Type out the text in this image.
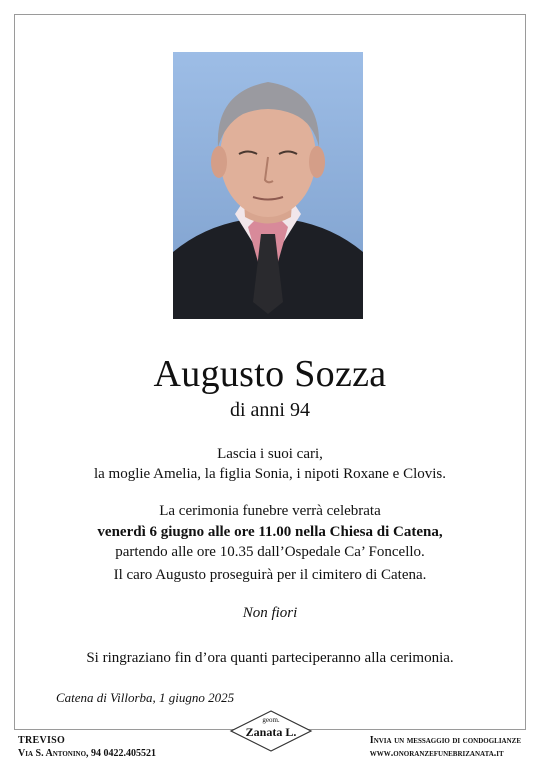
Augusto Sozza
di anni 94
Lascia i suoi cari,
la moglie Amelia, la figlia Sonia, i nipoti Roxane e Clovis.
La cerimonia funebre verrà celebrata
venerdì 6 giugno alle ore 11.00 nella Chiesa di Catena,
partendo alle ore 10.35 dall’Ospedale Ca’ Foncello.
Il caro Augusto proseguirà per il cimitero di Catena.
Non fiori
Si ringraziano fin d’ora quanti parteciperanno alla cerimonia.
Catena di Villorba, 1 giugno 2025
TREVISO
Via S. Antonino, 94 0422.405521
geom.
Zanata L.
Invia un messaggio di condoglianze
www.onoranzefunebrizanata.it
